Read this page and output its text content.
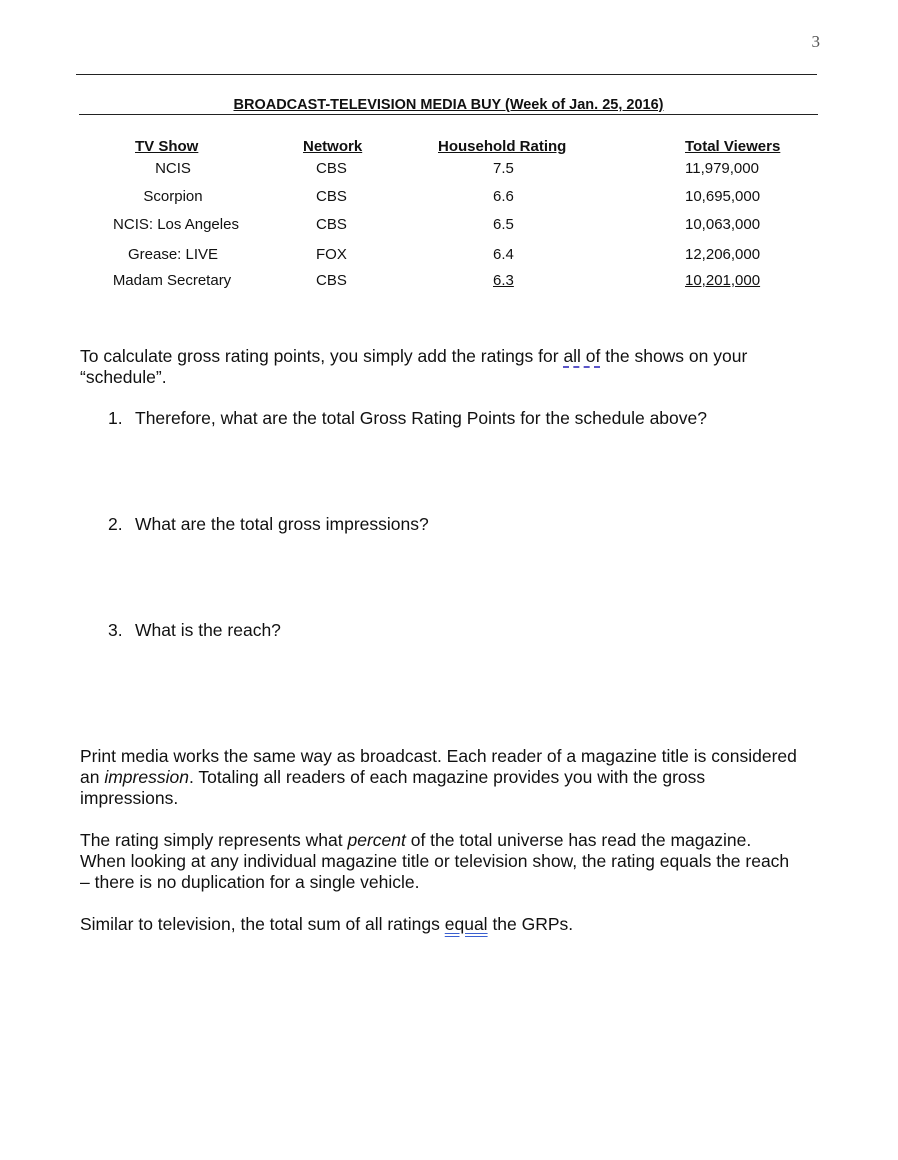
3
BROADCAST-TELEVISION MEDIA BUY (Week of Jan. 25, 2016)
TV Show	Network	Household Rating	Total Viewers
NCIS	CBS	7.5	11,979,000
Scorpion	CBS	6.6	10,695,000
NCIS: Los Angeles	CBS	6.5	10,063,000
Grease: LIVE	FOX	6.4	12,206,000
Madam Secretary	CBS	6.3	10,201,000

To calculate gross rating points, you simply add the ratings for all of the shows on your “schedule”.

1. Therefore, what are the total Gross Rating Points for the schedule above?
2. What are the total gross impressions?
3. What is the reach?

Print media works the same way as broadcast. Each reader of a magazine title is considered an impression. Totaling all readers of each magazine provides you with the gross impressions.

The rating simply represents what percent of the total universe has read the magazine. When looking at any individual magazine title or television show, the rating equals the reach – there is no duplication for a single vehicle.

Similar to television, the total sum of all ratings equal the GRPs.
